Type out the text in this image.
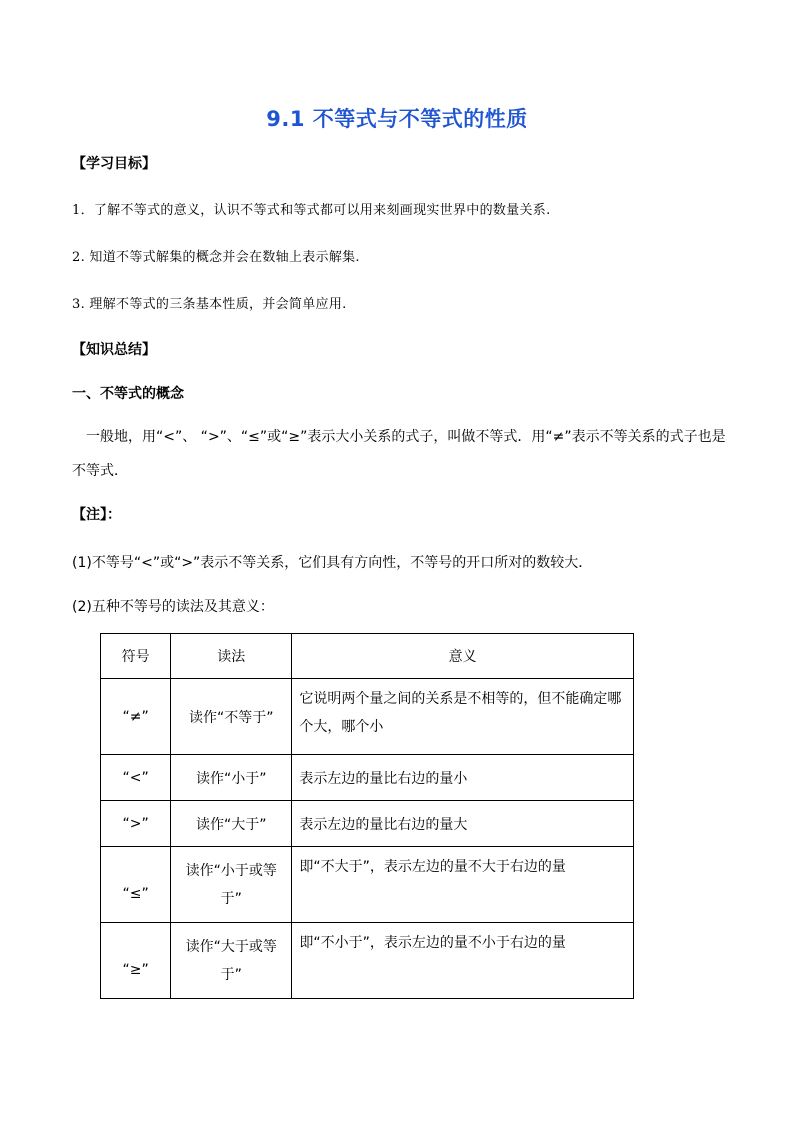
9.1 不等式与不等式的性质
【学习目标】
1．了解不等式的意义，认识不等式和等式都可以用来刻画现实世界中的数量关系.
2. 知道不等式解集的概念并会在数轴上表示解集.
3. 理解不等式的三条基本性质，并会简单应用.
【知识总结】
一、不等式的概念
一般地，用“<”、 “>”、“≤”或“≥”表示大小关系的式子，叫做不等式．用“≠”表示不等关系的式子也是不等式．
【注】：
(1)不等号“<”或“>”表示不等关系，它们具有方向性，不等号的开口所对的数较大．
(2)五种不等号的读法及其意义：
符号	读法	意义
“≠”	读作“不等于”	它说明两个量之间的关系是不相等的，但不能确定哪个大，哪个小
“<”	读作“小于”	表示左边的量比右边的量小
“>”	读作“大于”	表示左边的量比右边的量大
“≤”	读作“小于或等于”	即“不大于”，表示左边的量不大于右边的量
“≥”	读作“大于或等于”	即“不小于”，表示左边的量不小于右边的量
